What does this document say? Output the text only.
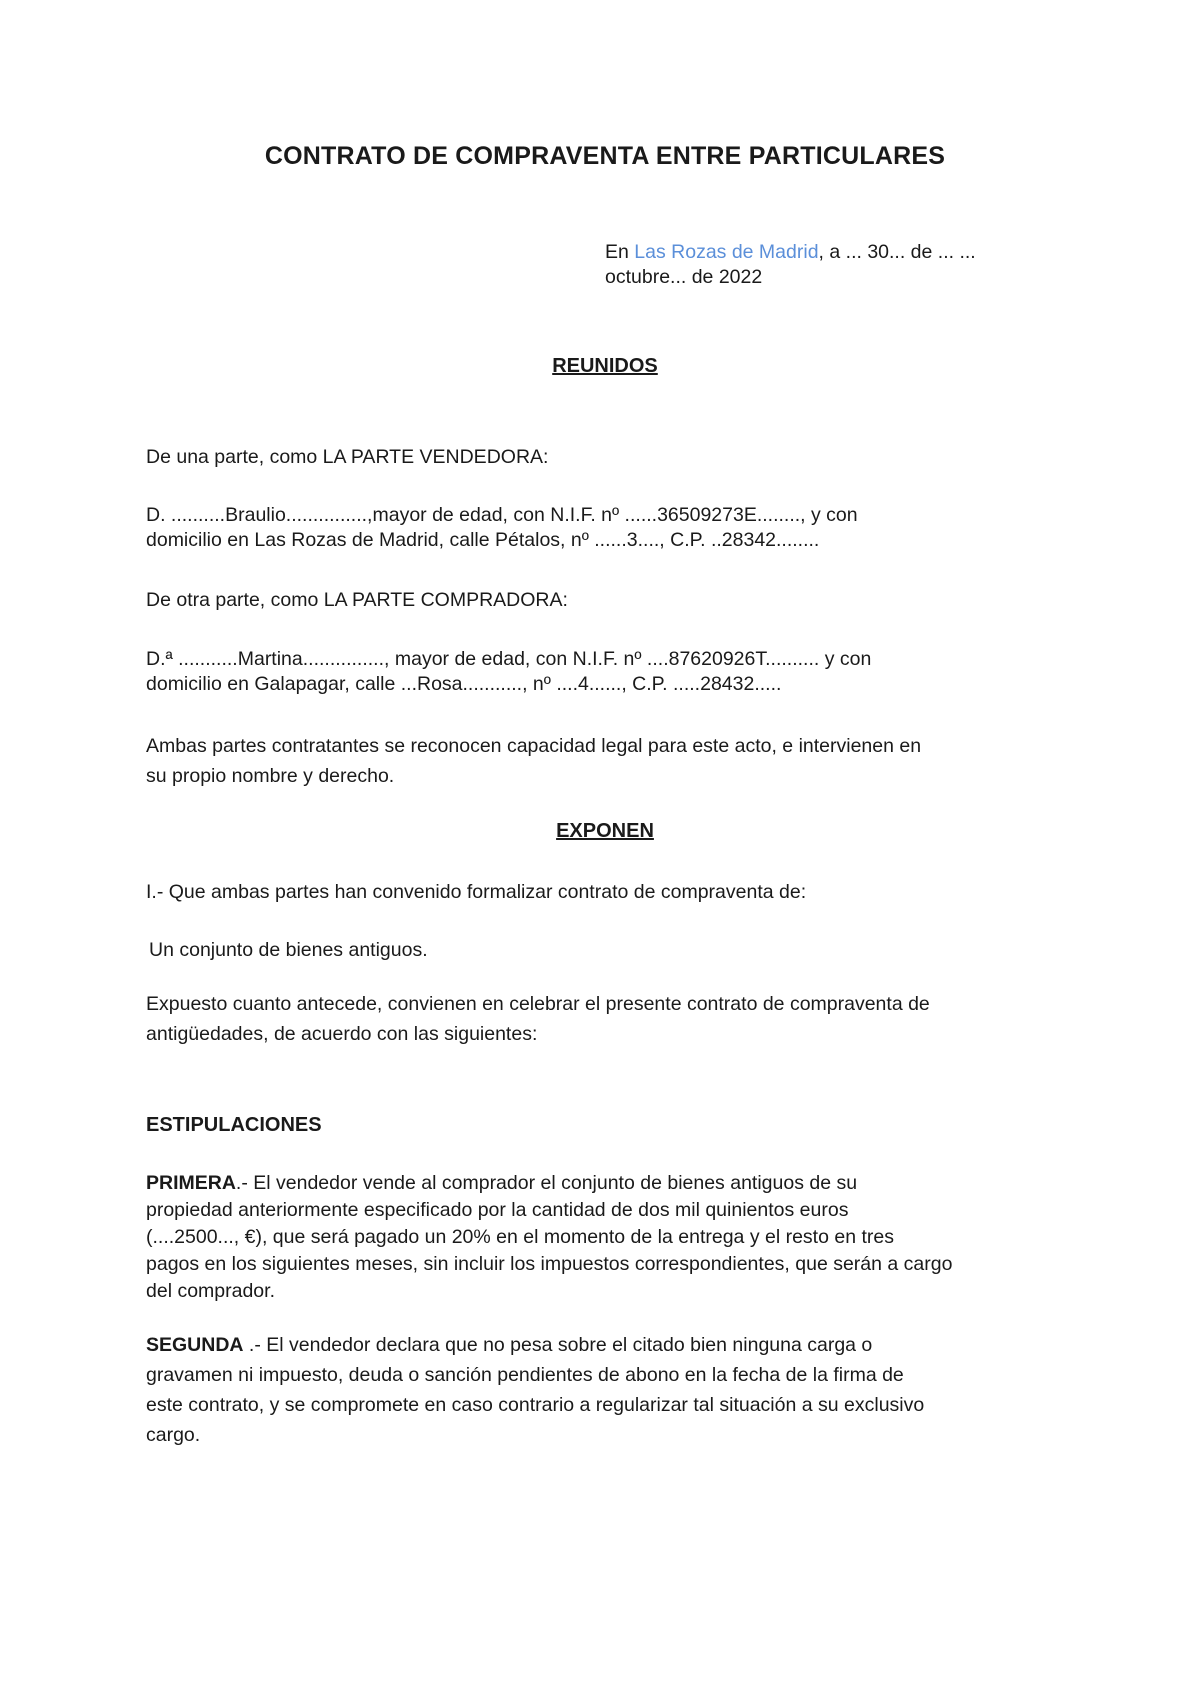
CONTRATO DE COMPRAVENTA ENTRE PARTICULARES
En Las Rozas de Madrid, a ... 30... de ... ...
octubre... de 2022
REUNIDOS
De una parte, como LA PARTE VENDEDORA:
D. ..........Braulio...............,mayor de edad, con N.I.F. nº ......36509273E........, y con
domicilio en Las Rozas de Madrid, calle Pétalos, nº ......3...., C.P. ..28342........
De otra parte, como LA PARTE COMPRADORA:
D.ª ...........Martina..............., mayor de edad, con N.I.F. nº ....87620926T.......... y con
domicilio en Galapagar, calle ...Rosa..........., nº ....4......, C.P. .....28432.....
Ambas partes contratantes se reconocen capacidad legal para este acto, e intervienen en
su propio nombre y derecho.
EXPONEN
I.- Que ambas partes han convenido formalizar contrato de compraventa de:
Un conjunto de bienes antiguos.
Expuesto cuanto antecede, convienen en celebrar el presente contrato de compraventa de
antigüedades, de acuerdo con las siguientes:
ESTIPULACIONES
PRIMERA.- El vendedor vende al comprador el conjunto de bienes antiguos de su
propiedad anteriormente especificado por la cantidad de dos mil quinientos euros
(....2500..., €), que será pagado un 20% en el momento de la entrega y el resto en tres
pagos en los siguientes meses, sin incluir los impuestos correspondientes, que serán a cargo
del comprador.
SEGUNDA .- El vendedor declara que no pesa sobre el citado bien ninguna carga o
gravamen ni impuesto, deuda o sanción pendientes de abono en la fecha de la firma de
este contrato, y se compromete en caso contrario a regularizar tal situación a su exclusivo
cargo.
